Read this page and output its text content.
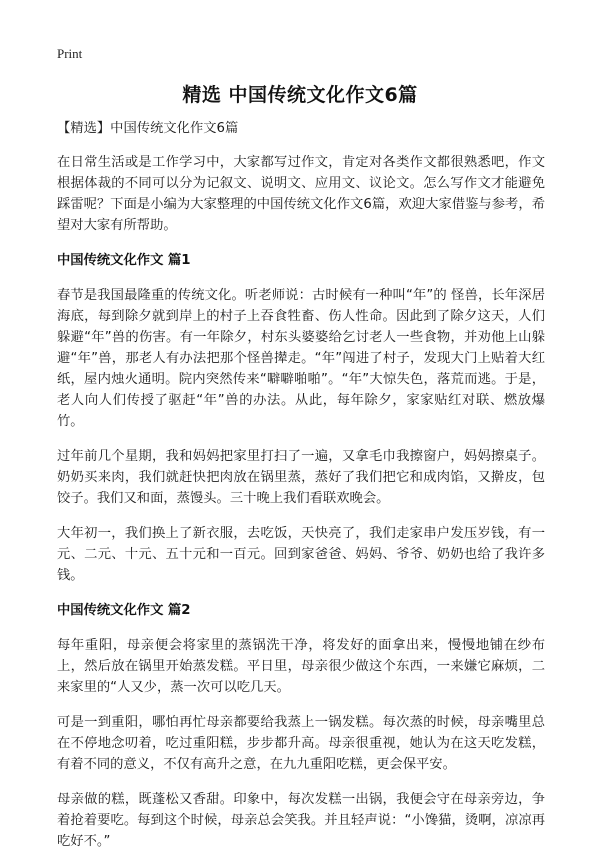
Print
精选 中国传统文化作文6篇

【精选】中国传统文化作文6篇

在日常生活或是工作学习中，大家都写过作文，肯定对各类作文都很熟悉吧，作文根据体裁的不同可以分为记叙文、说明文、应用文、议论文。怎么写作文才能避免踩雷呢？下面是小编为大家整理的中国传统文化作文6篇，欢迎大家借鉴与参考，希望对大家有所帮助。

中国传统文化作文 篇1

春节是我国最隆重的传统文化。听老师说：古时候有一种叫“年”的 怪兽，长年深居海底，每到除夕就到岸上的村子上吞食牲畜、伤人性命。因此到了除夕这天，人们躲避“年”兽的伤害。有一年除夕，村东头婆婆给乞讨老人一些食物，并劝他上山躲避“年”兽，那老人有办法把那个怪兽撵走。“年”闯进了村子，发现大门上贴着大红纸，屋内烛火通明。院内突然传来“噼噼啪啪”。“年”大惊失色，落荒而逃。于是，老人向人们传授了驱赶“年”兽的办法。从此，每年除夕，家家贴红对联、燃放爆竹。

过年前几个星期，我和妈妈把家里打扫了一遍，又拿毛巾我擦窗户，妈妈擦桌子。奶奶买来肉，我们就赶快把肉放在锅里蒸，蒸好了我们把它和成肉馅，又擀皮，包饺子。我们又和面，蒸馒头。三十晚上我们看联欢晚会。

大年初一，我们换上了新衣服，去吃饭，天快亮了，我们走家串户发压岁钱，有一元、二元、十元、五十元和一百元。回到家爸爸、妈妈、爷爷、奶奶也给了我许多钱。

中国传统文化作文 篇2

每年重阳，母亲便会将家里的蒸锅洗干净，将发好的面拿出来，慢慢地铺在纱布上，然后放在锅里开始蒸发糕。平日里，母亲很少做这个东西，一来嫌它麻烦，二来家里的“人又少，蒸一次可以吃几天。

可是一到重阳，哪怕再忙母亲都要给我蒸上一锅发糕。每次蒸的时候，母亲嘴里总在不停地念叨着，吃过重阳糕，步步都升高。母亲很重视，她认为在这天吃发糕，有着不同的意义，不仅有高升之意，在九九重阳吃糕，更会保平安。

母亲做的糕，既蓬松又香甜。印象中，每次发糕一出锅，我便会守在母亲旁边，争着抢着要吃。每到这个时候，母亲总会笑我。并且轻声说：“小馋猫，烫啊，凉凉再吃好不。”
